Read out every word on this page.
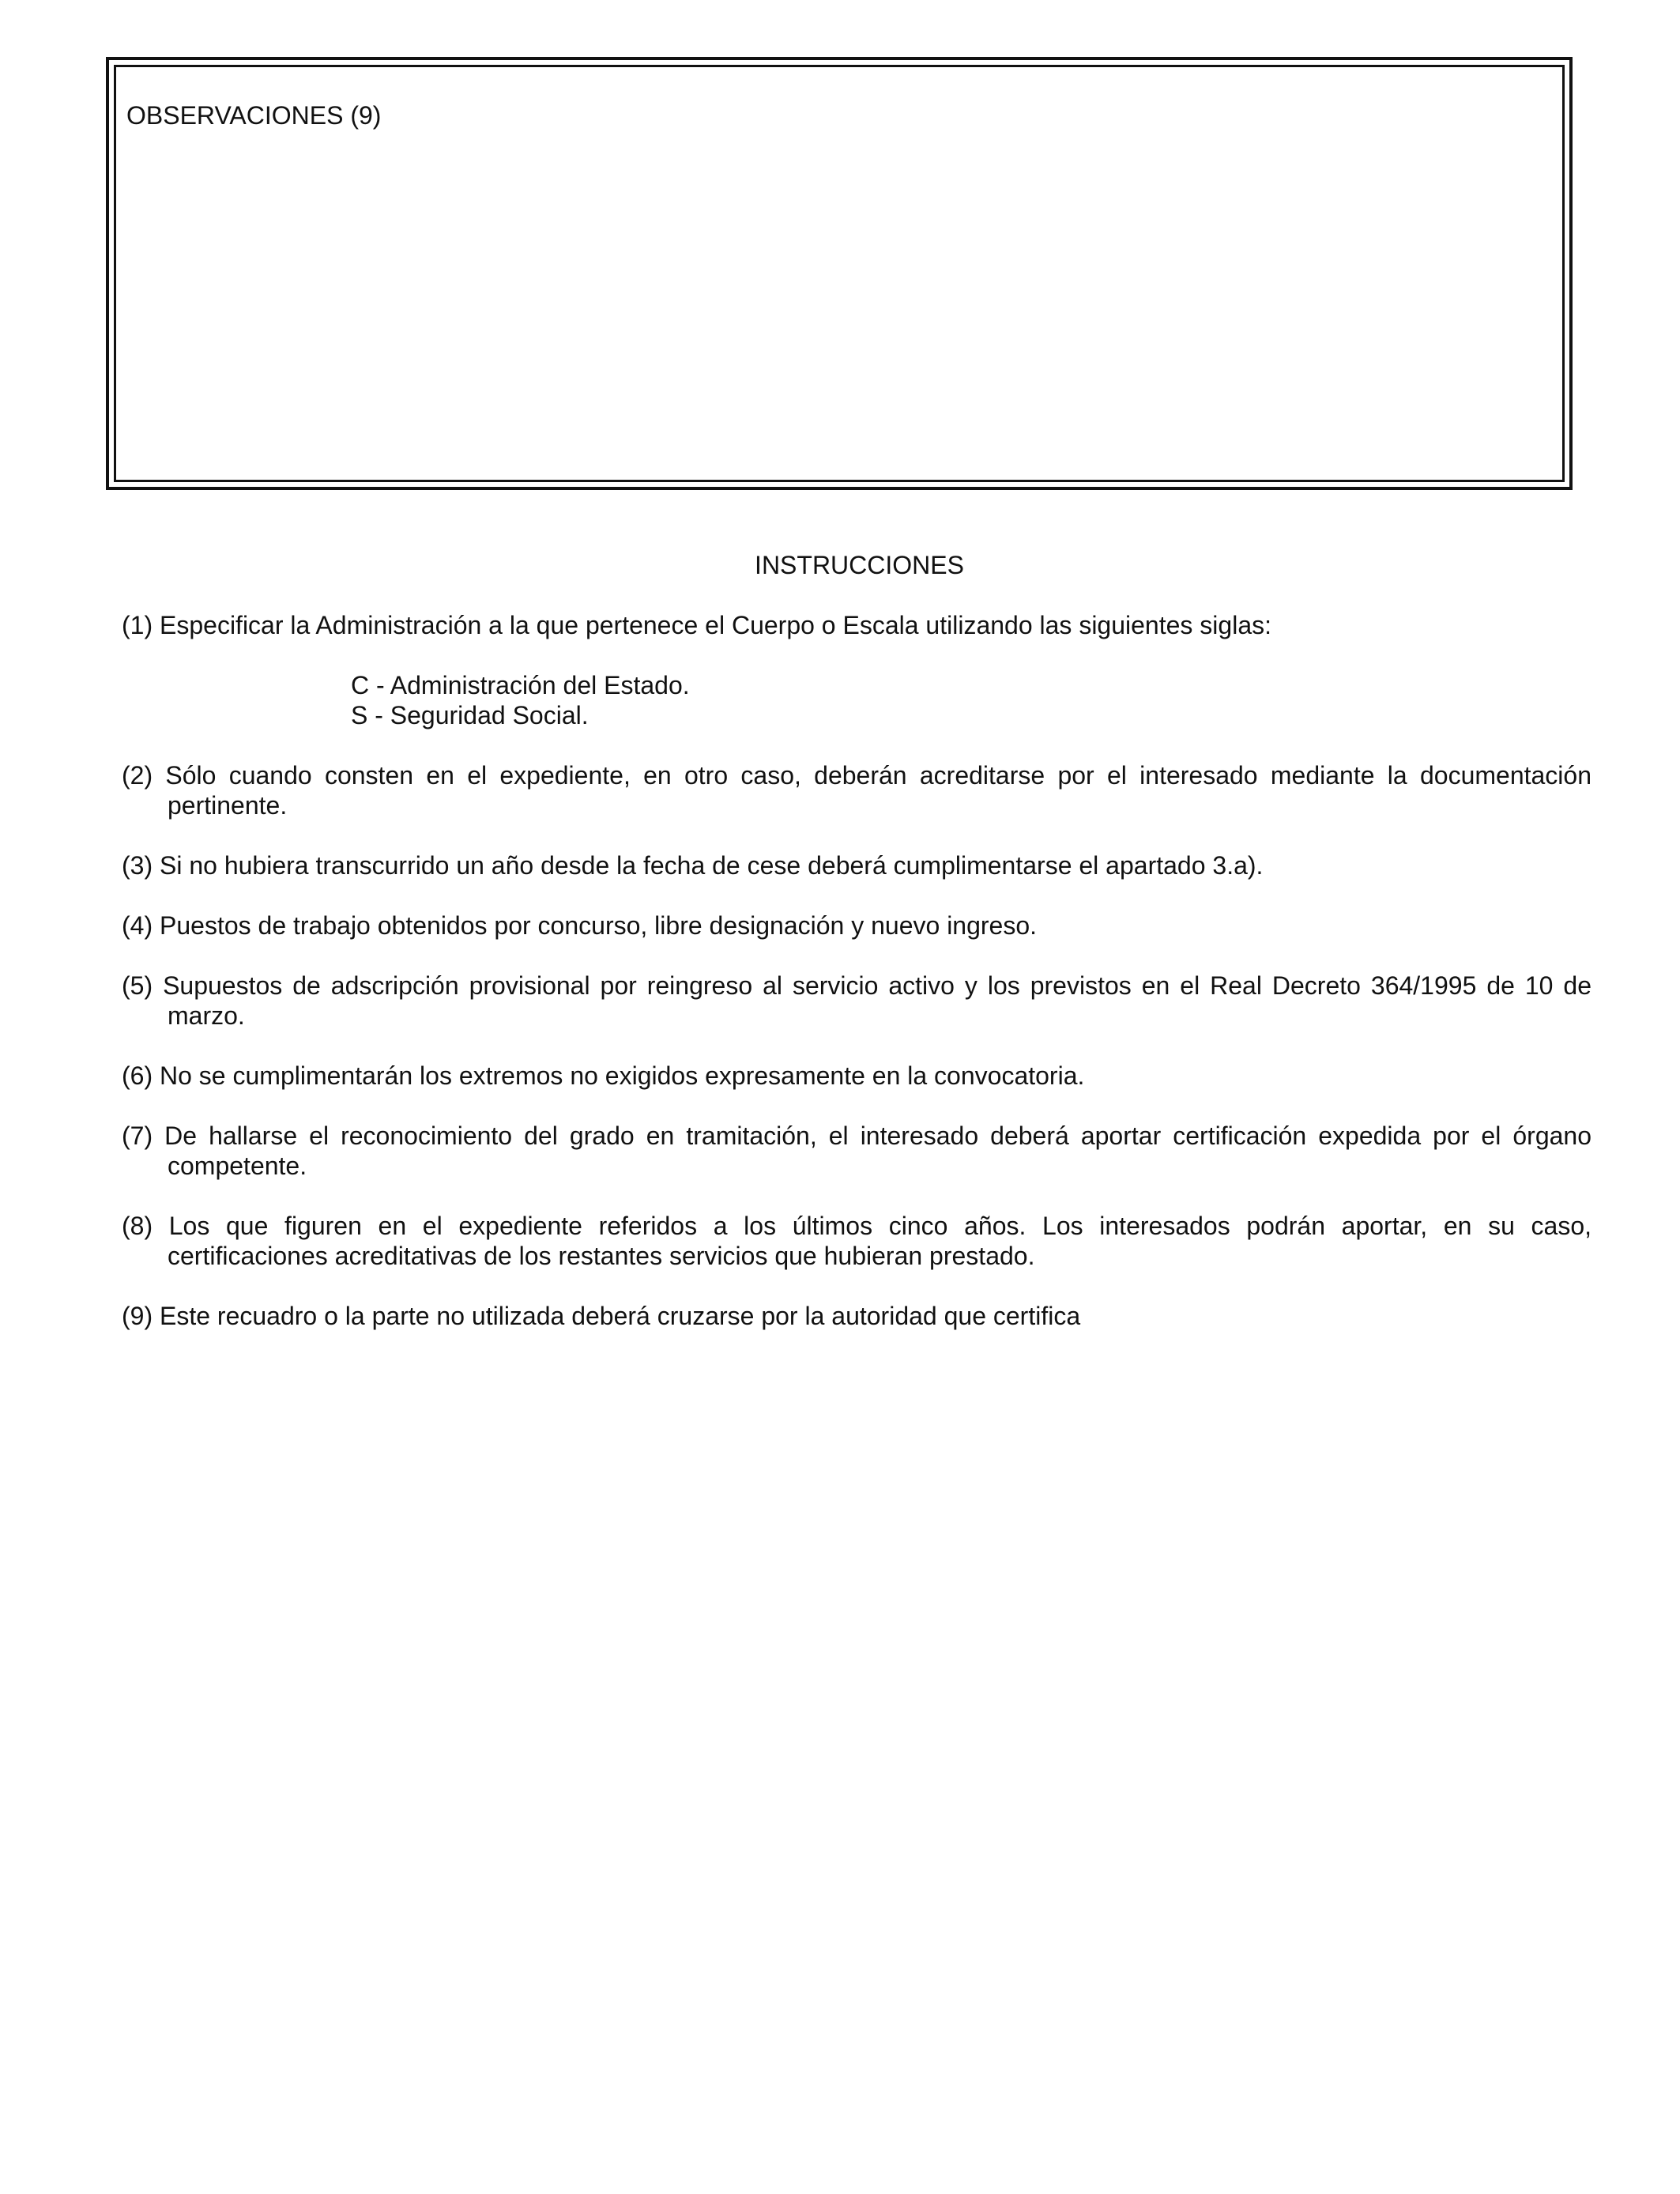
OBSERVACIONES (9)
INSTRUCCIONES
(1) Especificar la Administración a la que pertenece el Cuerpo o Escala utilizando las siguientes siglas:
C - Administración del Estado.
S - Seguridad Social.
(2) Sólo cuando consten en el expediente, en otro caso, deberán acreditarse por el interesado mediante la documentación
pertinente.
(3) Si no hubiera transcurrido un año desde la fecha de cese deberá cumplimentarse el apartado 3.a).
(4) Puestos de trabajo obtenidos por concurso, libre designación y nuevo ingreso.
(5) Supuestos de adscripción provisional por reingreso al servicio activo y los previstos en el Real Decreto 364/1995 de 10 de
marzo.
(6) No se cumplimentarán los extremos no exigidos expresamente en la convocatoria.
(7) De hallarse el reconocimiento del grado en tramitación, el interesado deberá aportar certificación expedida por el órgano
competente.
(8) Los que figuren en el expediente referidos a los últimos cinco años. Los interesados podrán aportar, en su caso,
certificaciones acreditativas de los restantes servicios que hubieran prestado.
(9) Este recuadro o la parte no utilizada deberá cruzarse por la autoridad que certifica
